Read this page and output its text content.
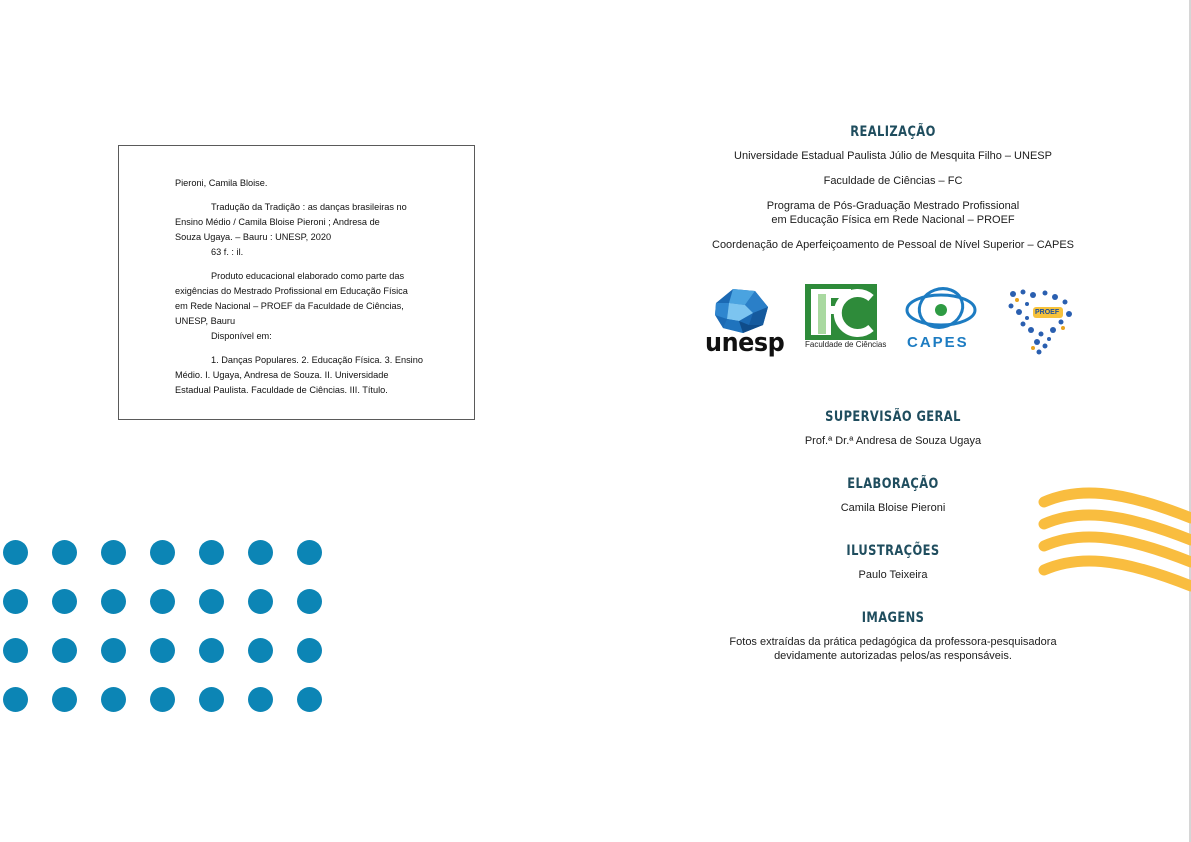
Pieroni, Camila Bloise.

Tradução da Tradição : as danças brasileiras no

Ensino Médio / Camila Bloise Pieroni ; Andresa de

Souza Ugaya. – Bauru : UNESP, 2020

63 f. : il.

Produto educacional elaborado como parte das

exigências do Mestrado Profissional em Educação Física

em Rede Nacional – PROEF da Faculdade de Ciências,

UNESP, Bauru

Disponível em:

1. Danças Populares. 2. Educação Física. 3. Ensino

Médio. I. Ugaya, Andresa de Souza. II. Universidade

Estadual Paulista. Faculdade de Ciências. III. Título.

REALIZAÇÃO

Universidade Estadual Paulista Júlio de Mesquita Filho – UNESP

Faculdade de Ciências – FC

Programa de Pós-Graduação Mestrado Profissional

em Educação Física em Rede Nacional – PROEF

Coordenação de Aperfeiçoamento de Pessoal de Nível Superior – CAPES

SUPERVISÃO GERAL

Prof.ª Dr.ª Andresa de Souza Ugaya

ELABORAÇÃO

Camila Bloise Pieroni

ILUSTRAÇÕES

Paulo Teixeira

IMAGENS

Fotos extraídas da prática pedagógica da professora-pesquisadora

devidamente autorizadas pelos/as responsáveis.

unesp	Faculdade de Ciências CAPES
PROEF
